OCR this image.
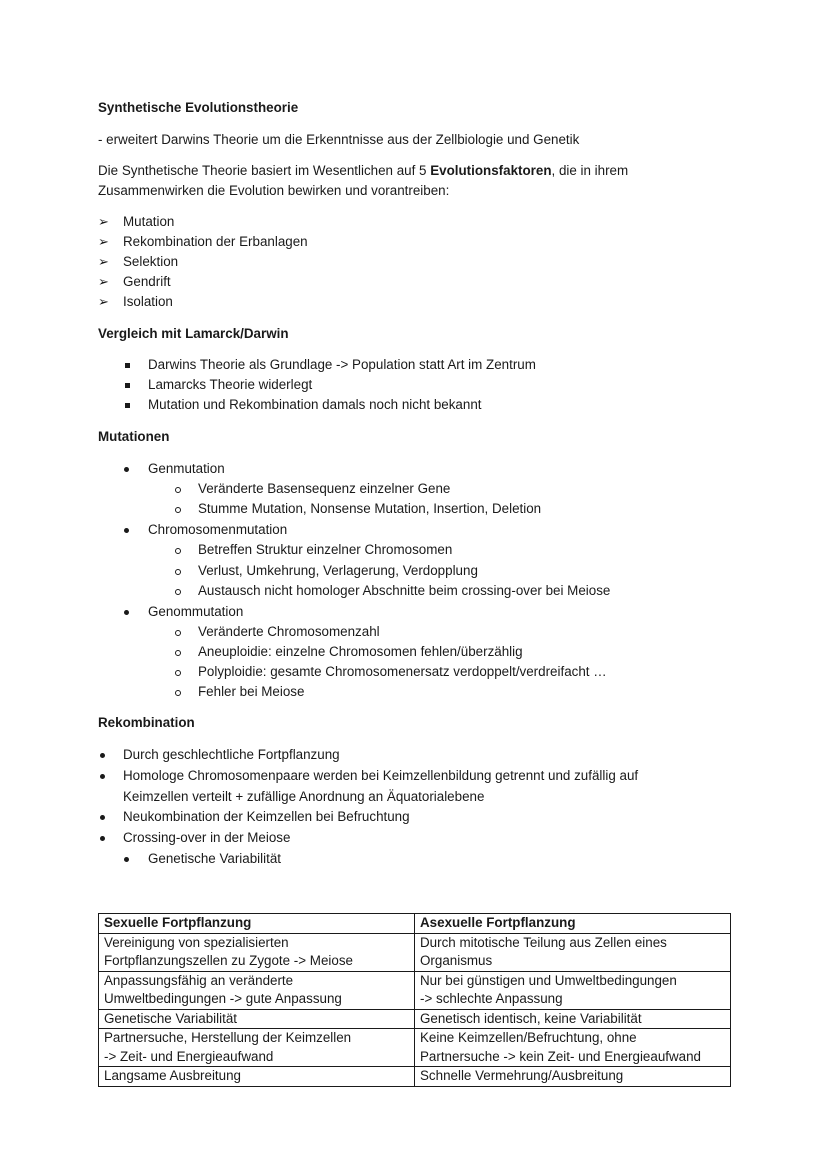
Synthetische Evolutionstheorie
- erweitert Darwins Theorie um die Erkenntnisse aus der Zellbiologie und Genetik
Die Synthetische Theorie basiert im Wesentlichen auf 5 Evolutionsfaktoren, die in ihrem
Zusammenwirken die Evolution bewirken und vorantreiben:
➢ Mutation
➢ Rekombination der Erbanlagen
➢ Selektion
➢ Gendrift
➢ Isolation
Vergleich mit Lamarck/Darwin
Darwins Theorie als Grundlage -> Population statt Art im Zentrum
Lamarcks Theorie widerlegt
Mutation und Rekombination damals noch nicht bekannt
Mutationen
Genmutation
Veränderte Basensequenz einzelner Gene
Stumme Mutation, Nonsense Mutation, Insertion, Deletion
Chromosomenmutation
Betreffen Struktur einzelner Chromosomen
Verlust, Umkehrung, Verlagerung, Verdopplung
Austausch nicht homologer Abschnitte beim crossing-over bei Meiose
Genommutation
Veränderte Chromosomenzahl
Aneuploidie: einzelne Chromosomen fehlen/überzählig
Polyploidie: gesamte Chromosomenersatz verdoppelt/verdreifacht …
Fehler bei Meiose
Rekombination
Durch geschlechtliche Fortpflanzung
Homologe Chromosomenpaare werden bei Keimzellenbildung getrennt und zufällig auf
Keimzellen verteilt + zufällige Anordnung an Äquatorialebene
Neukombination der Keimzellen bei Befruchtung
Crossing-over in der Meiose
Genetische Variabilität
Sexuelle Fortpflanzung	Asexuelle Fortpflanzung

Vereinigung von spezialisierten
Fortpflanzungszellen zu Zygote -> Meiose	Durch mitotische Teilung aus Zellen eines
Organismus

Anpassungsfähig an veränderte
Umweltbedingungen -> gute Anpassung	Nur bei günstigen und Umweltbedingungen
-> schlechte Anpassung

Genetische Variabilität	Genetisch identisch, keine Variabilität

Partnersuche, Herstellung der Keimzellen
-> Zeit- und Energieaufwand	Keine Keimzellen/Befruchtung, ohne
Partnersuche -> kein Zeit- und Energieaufwand

Langsame Ausbreitung	Schnelle Vermehrung/Ausbreitung
